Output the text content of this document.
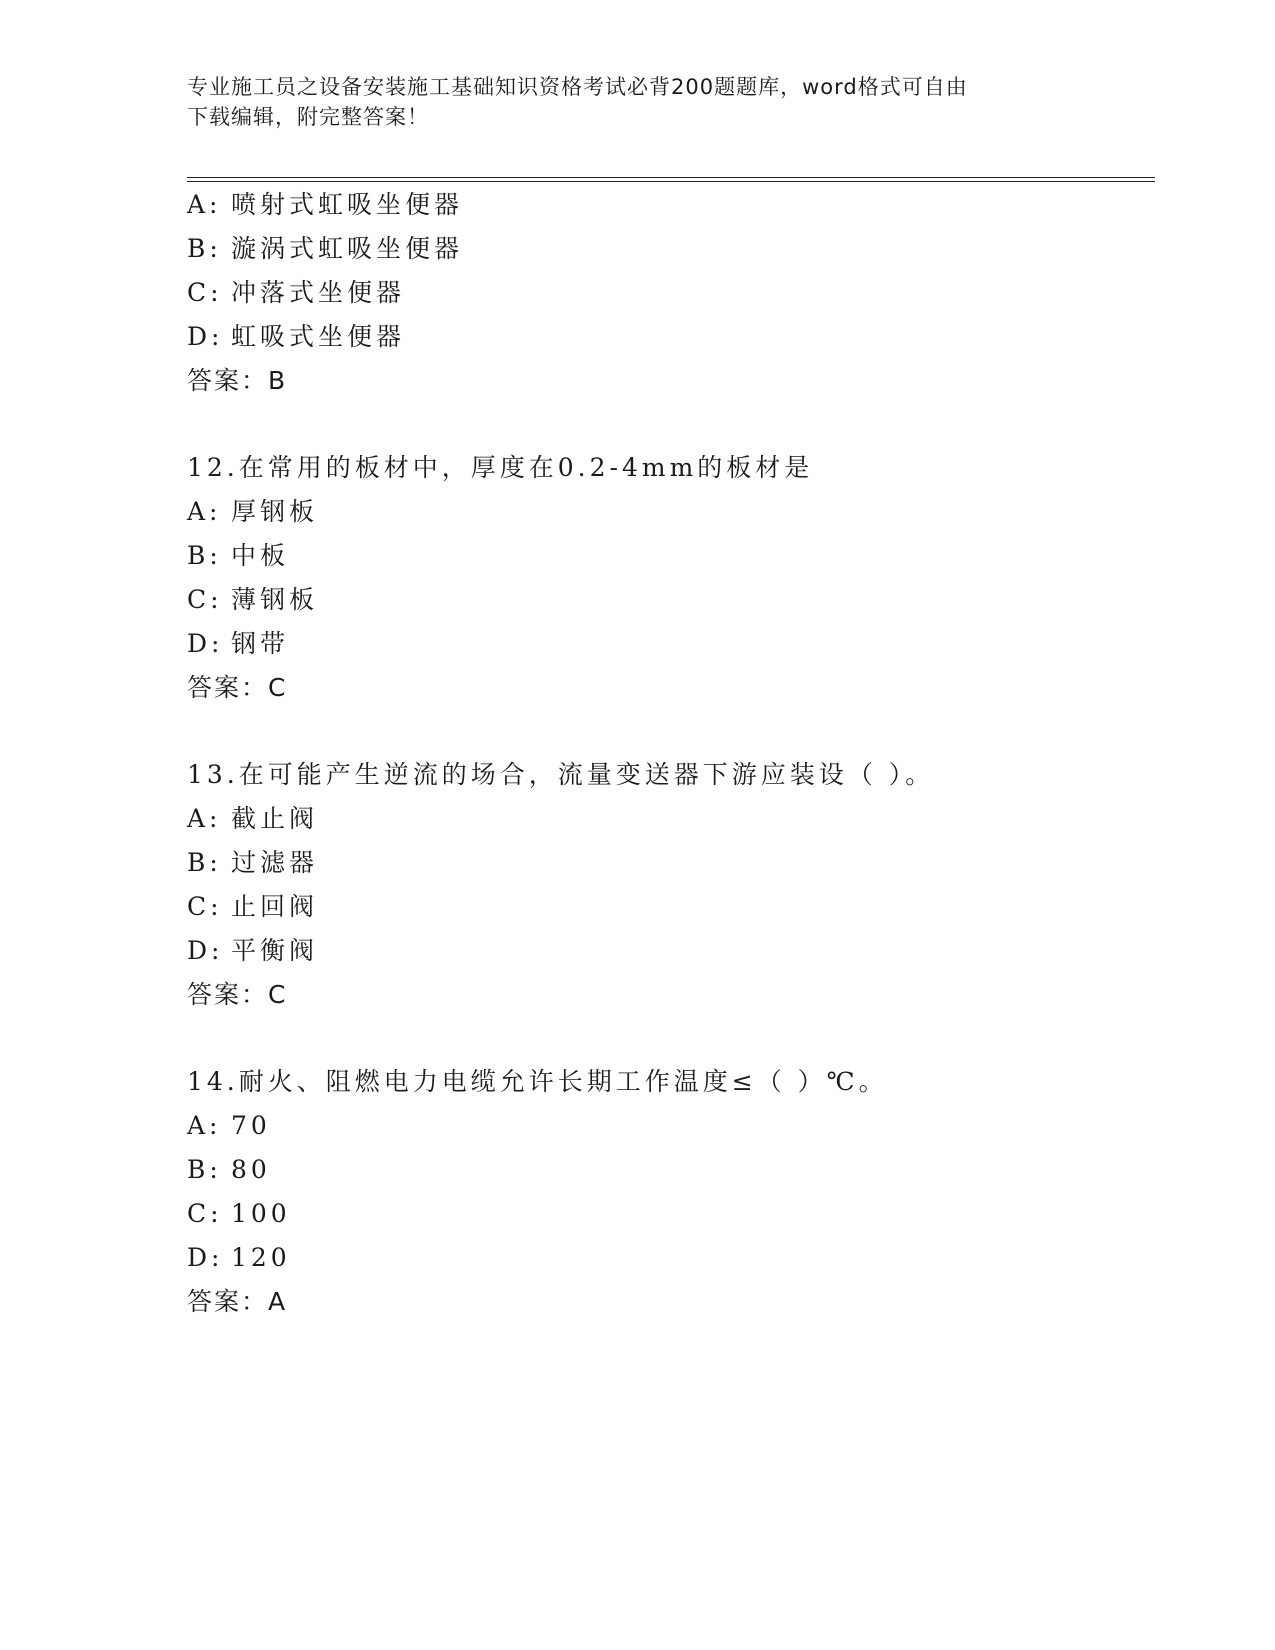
专业施工员之设备安装施工基础知识资格考试必背200题题库，word格式可自由
下载编辑，附完整答案！
A: 喷射式虹吸坐便器
B: 漩涡式虹吸坐便器
C: 冲落式坐便器
D: 虹吸式坐便器
答案：B
12.在常用的板材中，厚度在0.2-4mm的板材是
A: 厚钢板
B: 中板
C: 薄钢板
D: 钢带
答案：C
13.在可能产生逆流的场合，流量变送器下游应装设（ ）。
A: 截止阀
B: 过滤器
C: 止回阀
D: 平衡阀
答案：C
14.耐火、阻燃电力电缆允许长期工作温度≤（ ）℃。
A: 70
B: 80
C: 100
D: 120
答案：A
